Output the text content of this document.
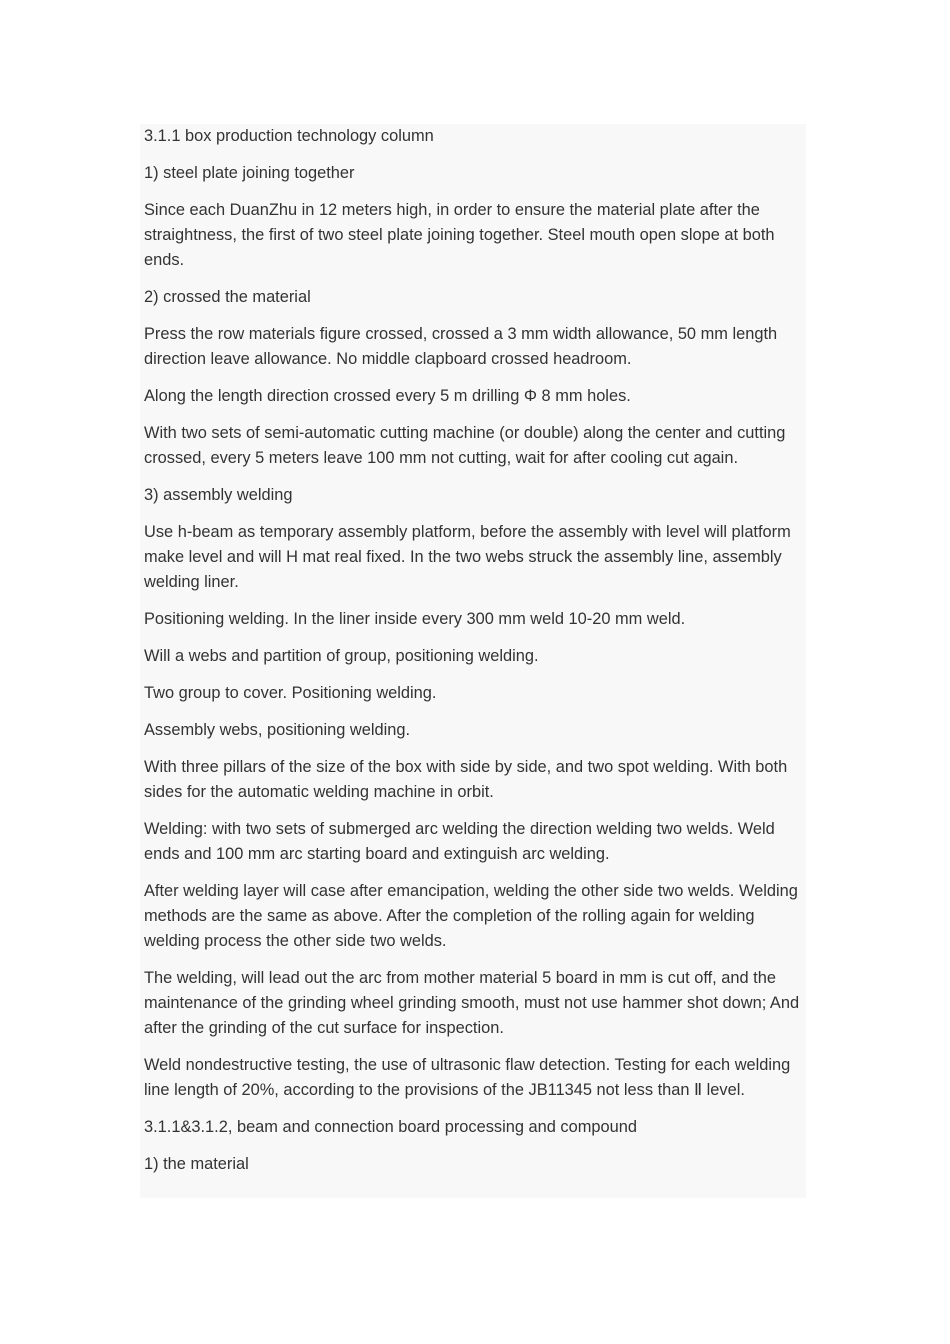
3.1.1 box production technology column

1) steel plate joining together

Since each DuanZhu in 12 meters high, in order to ensure the material plate after the straightness, the first of two steel plate joining together. Steel mouth open slope at both ends.

2) crossed the material

Press the row materials figure crossed, crossed a 3 mm width allowance, 50 mm length direction leave allowance. No middle clapboard crossed headroom.

Along the length direction crossed every 5 m drilling Φ 8 mm holes.

With two sets of semi-automatic cutting machine (or double) along the center and cutting crossed, every 5 meters leave 100 mm not cutting, wait for after cooling cut again.

3) assembly welding

Use h-beam as temporary assembly platform, before the assembly with level will platform make level and will H mat real fixed. In the two webs struck the assembly line, assembly welding liner.

Positioning welding. In the liner inside every 300 mm weld 10-20 mm weld.

Will a webs and partition of group, positioning welding.

Two group to cover. Positioning welding.

Assembly webs, positioning welding.

With three pillars of the size of the box with side by side, and two spot welding. With both sides for the automatic welding machine in orbit.

Welding: with two sets of submerged arc welding the direction welding two welds. Weld ends and 100 mm arc starting board and extinguish arc welding.

After welding layer will case after emancipation, welding the other side two welds. Welding methods are the same as above. After the completion of the rolling again for welding welding process the other side two welds.

The welding, will lead out the arc from mother material 5 board in mm is cut off, and the maintenance of the grinding wheel grinding smooth, must not use hammer shot down; And after the grinding of the cut surface for inspection.

Weld nondestructive testing, the use of ultrasonic flaw detection. Testing for each welding line length of 20%, according to the provisions of the JB11345 not less than Ⅱ level.

3.1.1&3.1.2, beam and connection board processing and compound

1) the material
